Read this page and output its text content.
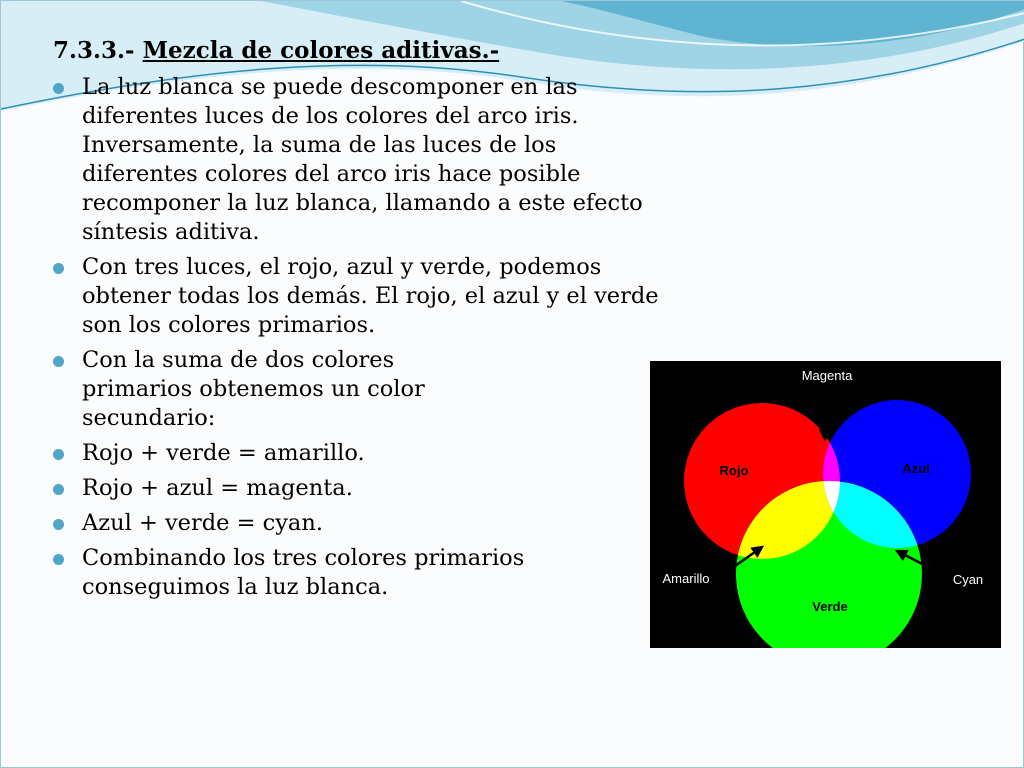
7.3.3.- Mezcla de colores aditivas.-
La luz blanca se puede descomponer en las diferentes luces de los colores del arco iris. Inversamente, la suma de las luces de los diferentes colores del arco iris hace posible recomponer la luz blanca, llamando a este efecto síntesis aditiva.
Con tres luces, el rojo, azul y verde, podemos obtener todas los demás. El rojo, el azul y el verde son los colores primarios.
Con la suma de dos colores primarios obtenemos un color secundario:
Rojo + verde = amarillo.
Rojo + azul = magenta.
Azul + verde = cyan.
Combinando los tres colores primarios conseguimos la luz blanca.
Magenta
Rojo	Azul
Amarillo	Cyan
Verde
